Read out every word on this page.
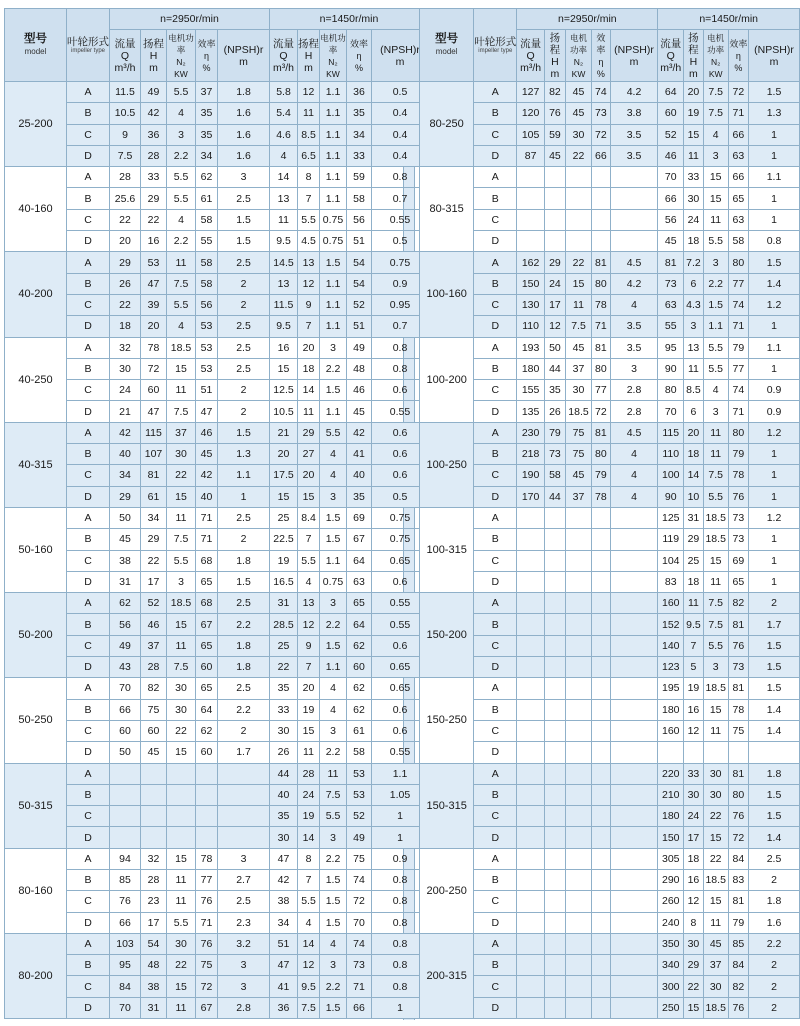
型号
model	叶轮形式
impeller type	n=2950r/min					n=1450r/min				

		流量
Q
m³/h	扬程
H
m	电机功率
N₂
KW	效率
η
%	(NPSH)r
m	流量
Q
m³/h	扬程
H
m	电机功率
N₂
KW	效率
η
%	(NPSH)r
m

25-200	A	11.5	49	5.5	37	1.8	5.8	12	1.1	36	0.5
	B	10.5	42	4	35	1.6	5.4	11	1.1	35	0.4
	C	9	36	3	35	1.6	4.6	8.5	1.1	34	0.4
	D	7.5	28	2.2	34	1.6	4	6.5	1.1	33	0.4
40-160	A	28	33	5.5	62	3	14	8	1.1	59	0.8
	B	25.6	29	5.5	61	2.5	13	7	1.1	58	0.7
	C	22	22	4	58	1.5	11	5.5	0.75	56	0.55
	D	20	16	2.2	55	1.5	9.5	4.5	0.75	51	0.5
40-200	A	29	53	11	58	2.5	14.5	13	1.5	54	0.75
	B	26	47	7.5	58	2	13	12	1.1	54	0.9
	C	22	39	5.5	56	2	11.5	9	1.1	52	0.95
	D	18	20	4	53	2.5	9.5	7	1.1	51	0.7
40-250	A	32	78	18.5	53	2.5	16	20	3	49	0.8
	B	30	72	15	53	2.5	15	18	2.2	48	0.8
	C	24	60	11	51	2	12.5	14	1.5	46	0.6
	D	21	47	7.5	47	2	10.5	11	1.1	45	0.55
40-315	A	42	115	37	46	1.5	21	29	5.5	42	0.6
	B	40	107	30	45	1.3	20	27	4	41	0.6
	C	34	81	22	42	1.1	17.5	20	4	40	0.6
	D	29	61	15	40	1	15	15	3	35	0.5
50-160	A	50	34	11	71	2.5	25	8.4	1.5	69	0.75
	B	45	29	7.5	71	2	22.5	7	1.5	67	0.75
	C	38	22	5.5	68	1.8	19	5.5	1.1	64	0.65
	D	31	17	3	65	1.5	16.5	4	0.75	63	0.6
50-200	A	62	52	18.5	68	2.5	31	13	3	65	0.55
	B	56	46	15	67	2.2	28.5	12	2.2	64	0.55
	C	49	37	11	65	1.8	25	9	1.5	62	0.6
	D	43	28	7.5	60	1.8	22	7	1.1	60	0.65
50-250	A	70	82	30	65	2.5	35	20	4	62	0.65
	B	66	75	30	64	2.2	33	19	4	62	0.6
	C	60	60	22	62	2	30	15	3	61	0.6
	D	50	45	15	60	1.7	26	11	2.2	58	0.55
50-315	A						44	28	11	53	1.1
	B						40	24	7.5	53	1.05
	C						35	19	5.5	52	1
	D						30	14	3	49	1
80-160	A	94	32	15	78	3	47	8	2.2	75	0.9
	B	85	28	11	77	2.7	42	7	1.5	74	0.8
	C	76	23	11	76	2.5	38	5.5	1.5	72	0.8
	D	66	17	5.5	71	2.3	34	4	1.5	70	0.8
80-200	A	103	54	30	76	3.2	51	14	4	74	0.8
	B	95	48	22	75	3	47	12	3	73	0.8
	C	84	38	15	72	3	41	9.5	2.2	71	0.8
	D	70	31	11	67	2.8	36	7.5	1.5	66	1
型号
model	叶轮形式
impeller type	n=2950r/min					n=1450r/min				

		流量
Q
m³/h	扬程
H
m	电机功率
N₂
KW	效率
η
%	(NPSH)r
m	流量
Q
m³/h	扬程
H
m	电机功率
N₂
KW	效率
η
%	(NPSH)r
m

80-250	A	127	82	45	74	4.2	64	20	7.5	72	1.5
	B	120	76	45	73	3.8	60	19	7.5	71	1.3
	C	105	59	30	72	3.5	52	15	4	66	1
	D	87	45	22	66	3.5	46	11	3	63	1
80-315	A						70	33	15	66	1.1
	B						66	30	15	65	1
	C						56	24	11	63	1
	D						45	18	5.5	58	0.8
100-160	A	162	29	22	81	4.5	81	7.2	3	80	1.5
	B	150	24	15	80	4.2	73	6	2.2	77	1.4
	C	130	17	11	78	4	63	4.3	1.5	74	1.2
	D	110	12	7.5	71	3.5	55	3	1.1	71	1
100-200	A	193	50	45	81	3.5	95	13	5.5	79	1.1
	B	180	44	37	80	3	90	11	5.5	77	1
	C	155	35	30	77	2.8	80	8.5	4	74	0.9
	D	135	26	18.5	72	2.8	70	6	3	71	0.9
100-250	A	230	79	75	81	4.5	115	20	11	80	1.2
	B	218	73	75	80	4	110	18	11	79	1
	C	190	58	45	79	4	100	14	7.5	78	1
	D	170	44	37	78	4	90	10	5.5	76	1
100-315	A						125	31	18.5	73	1.2
	B						119	29	18.5	73	1
	C						104	25	15	69	1
	D						83	18	11	65	1
150-200	A						160	11	7.5	82	2
	B						152	9.5	7.5	81	1.7
	C						140	7	5.5	76	1.5
	D						123	5	3	73	1.5
150-250	A						195	19	18.5	81	1.5
	B						180	16	15	78	1.4
	C						160	12	11	75	1.4
	D										
150-315	A						220	33	30	81	1.8
	B						210	30	30	80	1.5
	C						180	24	22	76	1.5
	D						150	17	15	72	1.4
200-250	A						305	18	22	84	2.5
	B						290	16	18.5	83	2
	C						260	12	15	81	1.8
	D						240	8	11	79	1.6
200-315	A						350	30	45	85	2.2
	B						340	29	37	84	2
	C						300	22	30	82	2
	D						250	15	18.5	76	2
